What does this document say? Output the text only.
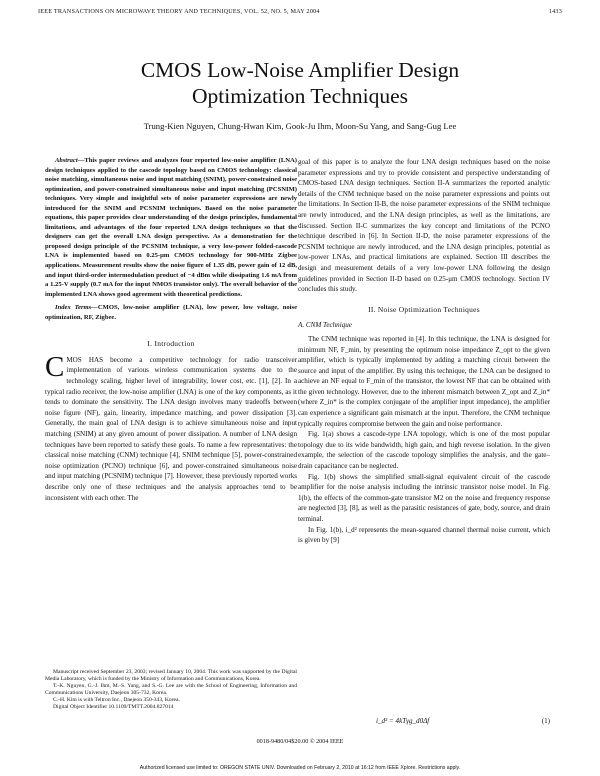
IEEE TRANSACTIONS ON MICROWAVE THEORY AND TECHNIQUES, VOL. 52, NO. 5, MAY 2004	1433
CMOS Low-Noise Amplifier Design
Optimization Techniques
Trung-Kien Nguyen, Chung-Hwan Kim, Gook-Ju Ihm, Moon-Su Yang, and Sang-Gug Lee

Abstract—This paper reviews and analyzes four reported low-noise amplifier (LNA) design techniques applied to the cascode topology based on CMOS technology: classical noise matching, simultaneous noise and input matching (SNIM), power-constrained noise optimization, and power-constrained simultaneous noise and input matching (PCSNIM) techniques. Very simple and insightful sets of noise parameter expressions are newly introduced for the SNIM and PCSNIM techniques. Based on the noise parameter equations, this paper provides clear understanding of the design principles, fundamental limitations, and advantages of the four reported LNA design techniques so that the designers can get the overall LNA design perspective. As a demonstration for the proposed design principle of the PCSNIM technique, a very low-power folded-cascode LNA is implemented based on 0.25-μm CMOS technology for 900-MHz Zigbee applications. Measurement results show the noise figure of 1.35 dB, power gain of 12 dB, and input third-order intermodulation product of −4 dBm while dissipating 1.6 mA from a 1.25-V supply (0.7 mA for the input NMOS transistor only). The overall behavior of the implemented LNA shows good agreement with theoretical predictions.

Index Terms—CMOS, low-noise amplifier (LNA), low power, low voltage, noise optimization, RF, Zigbee.

I. Introduction

CMOS HAS become a competitive technology for radio transceiver implementation of various wireless communication systems due to the technology scaling, higher level of integrability, lower cost, etc. [1], [2]. In a typical radio receiver, the low-noise amplifier (LNA) is one of the key components, as it tends to dominate the sensitivity. The LNA design involves many tradeoffs between noise figure (NF), gain, linearity, impedance matching, and power dissipation [3]. Generally, the main goal of LNA design is to achieve simultaneous noise and input matching (SNIM) at any given amount of power dissipation. A number of LNA design techniques have been reported to satisfy these goals. To name a few representatives: the classical noise matching (CNM) technique [4], SNIM technique [5], power-constrained noise optimization (PCNO) technique [6], and power-constrained simultaneous noise and input matching (PCSNIM) technique [7]. However, these previously reported works describe only one of these techniques and the analysis approaches tend to be inconsistent with each other. The

Manuscript received September 23, 2003; revised January 10, 2004. This work was supported by the Digital Media Laboratory, which is funded by the Ministry of Information and Communications, Korea.

T.-K. Nguyen, G.-J. Ihm, M.-S. Yang, and S.-G. Lee are with the School of Engineering, Information and Communications University, Daejeon 305-732, Korea.

C.-H. Kim is with Teltron Inc., Daejeon 350-343, Korea.

Digital Object Identifier 10.1109/TMTT.2004.827014

goal of this paper is to analyze the four LNA design techniques based on the noise parameter expressions and try to provide consistent and perspective understanding of CMOS-based LNA design techniques. Section II-A summarizes the reported analytic details of the CNM technique based on the noise parameter expressions and points out the limitations. In Section II-B, the noise parameter expressions of the SNIM technique are newly introduced, and the LNA design principles, as well as the limitations, are discussed. Section II-C summarizes the key concept and limitations of the PCNO technique described in [6]. In Section II-D, the noise parameter expressions of the PCSNIM technique are newly introduced, and the LNA design principles, potential as low-power LNAs, and practical limitations are explained. Section III describes the design and measurement details of a very low-power LNA following the design guidelines provided in Section II-D based on 0.25-μm CMOS technology. Section IV concludes this study.

II. Noise Optimization Techniques
A. CNM Technique

The CNM technique was reported in [4]. In this technique, the LNA is designed for minimum NF, F_min, by presenting the optimum noise impedance Z_opt to the given amplifier, which is typically implemented by adding a matching circuit between the source and input of the amplifier. By using this technique, the LNA can be designed to achieve an NF equal to F_min of the transistor, the lowest NF that can be obtained with the given technology. However, due to the inherent mismatch between Z_opt and Z_in* (where Z_in* is the complex conjugate of the amplifier input impedance), the amplifier can experience a significant gain mismatch at the input. Therefore, the CNM technique typically requires compromise between the gain and noise performance.

Fig. 1(a) shows a cascode-type LNA topology, which is one of the most popular topology due to its wide bandwidth, high gain, and high reverse isolation. In the given example, the selection of the cascode topology simplifies the analysis, and the gate–drain capacitance can be neglected.

Fig. 1(b) shows the simplified small-signal equivalent circuit of the cascode amplifier for the noise analysis including the intrinsic transistor noise model. In Fig. 1(b), the effects of the common-gate transistor M2 on the noise and frequency response are neglected [3], [8], as well as the parasitic resistances of gate, body, source, and drain terminal.

In Fig. 1(b), i_d² represents the mean-squared channel thermal noise current, which is given by [9]

i_d² = 4kTγg_d0Δf	(1)
0018-9480/04$20.00 © 2004 IEEE
Authorized licensed use limited to: OREGON STATE UNIV. Downloaded on February 2, 2010 at 16:12 from IEEE Xplore. Restrictions apply.
